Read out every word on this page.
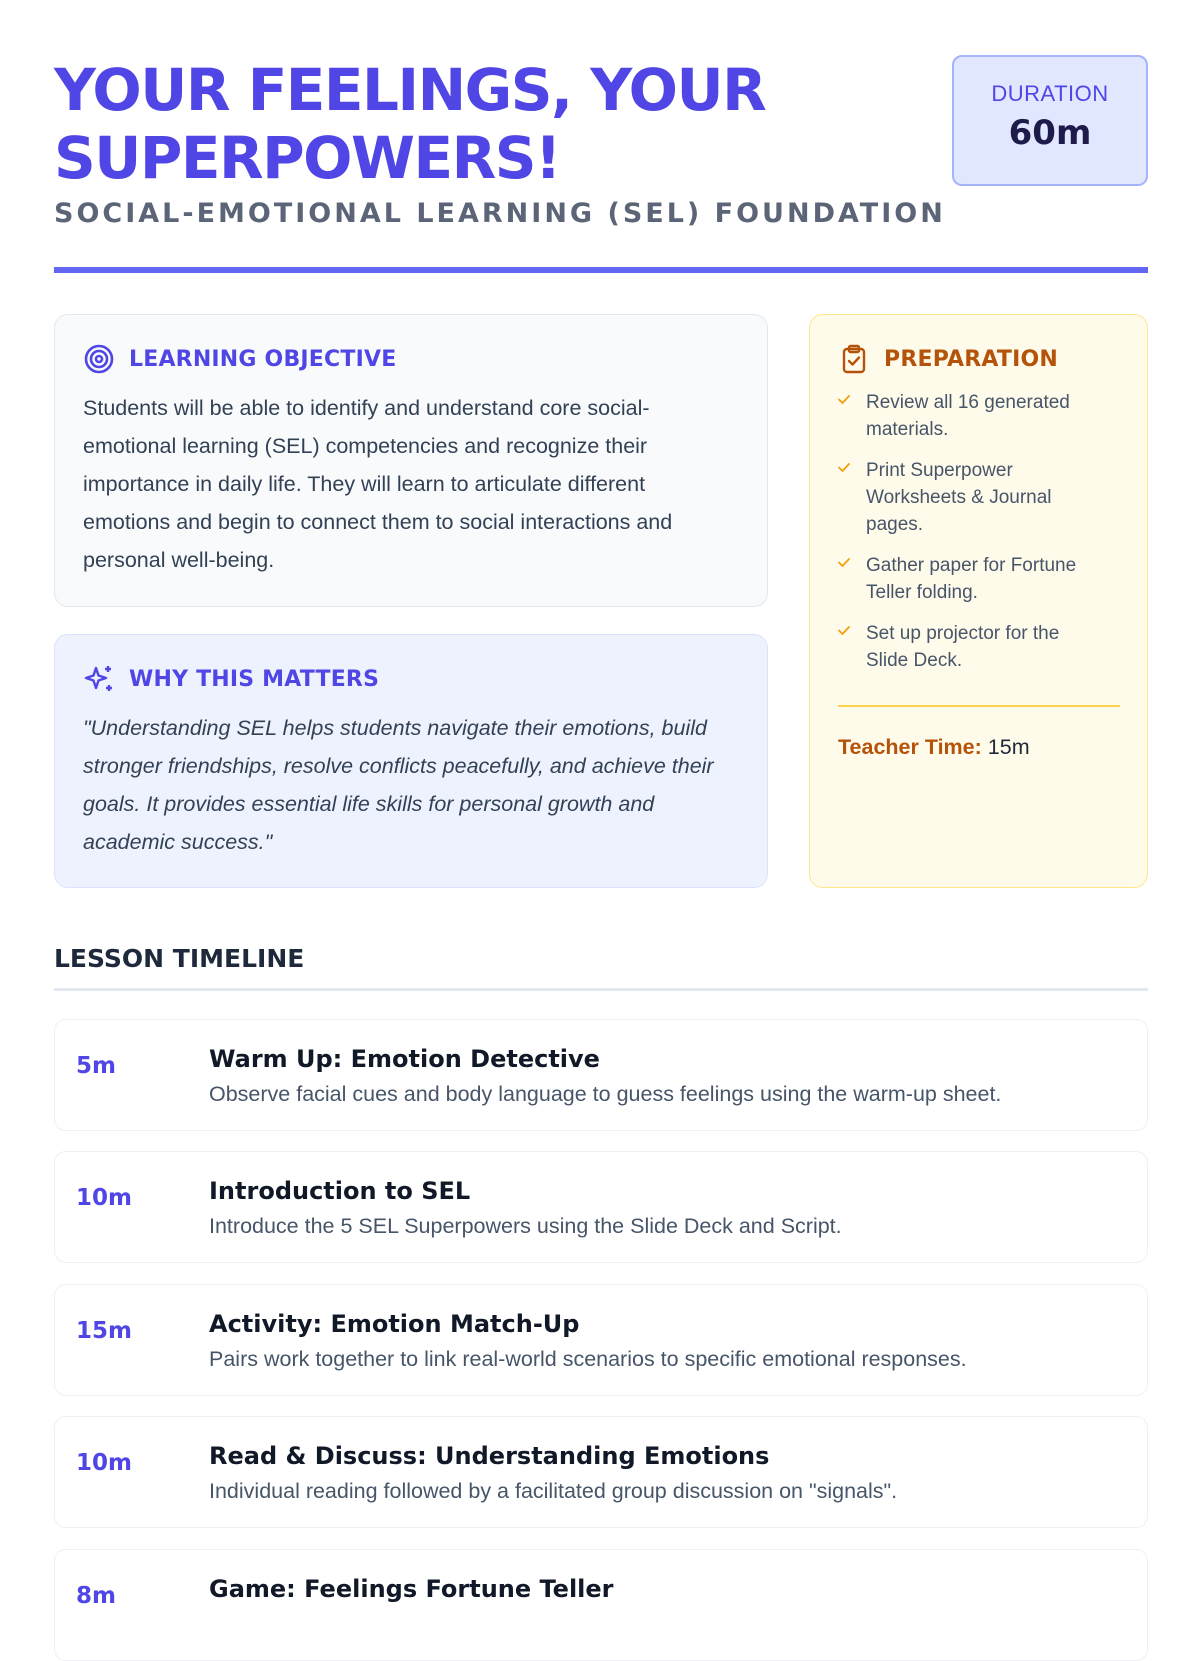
YOUR FEELINGS, YOUR SUPERPOWERS!
SOCIAL-EMOTIONAL LEARNING (SEL) FOUNDATION
DURATION
60m
LEARNING OBJECTIVE
Students will be able to identify and understand core social-emotional learning (SEL) competencies and recognize their importance in daily life. They will learn to articulate different emotions and begin to connect them to social interactions and personal well-being.
WHY THIS MATTERS
"Understanding SEL helps students navigate their emotions, build stronger friendships, resolve conflicts peacefully, and achieve their goals. It provides essential life skills for personal growth and academic success."
PREPARATION
Review all 16 generated materials.
Print Superpower Worksheets & Journal pages.
Gather paper for Fortune Teller folding.
Set up projector for the Slide Deck.
Teacher Time: 15m
LESSON TIMELINE
5m	Warm Up: Emotion Detective
Observe facial cues and body language to guess feelings using the warm-up sheet.
10m	Introduction to SEL
Introduce the 5 SEL Superpowers using the Slide Deck and Script.
15m	Activity: Emotion Match-Up
Pairs work together to link real-world scenarios to specific emotional responses.
10m	Read & Discuss: Understanding Emotions
Individual reading followed by a facilitated group discussion on "signals".
8m	Game: Feelings Fortune Teller
